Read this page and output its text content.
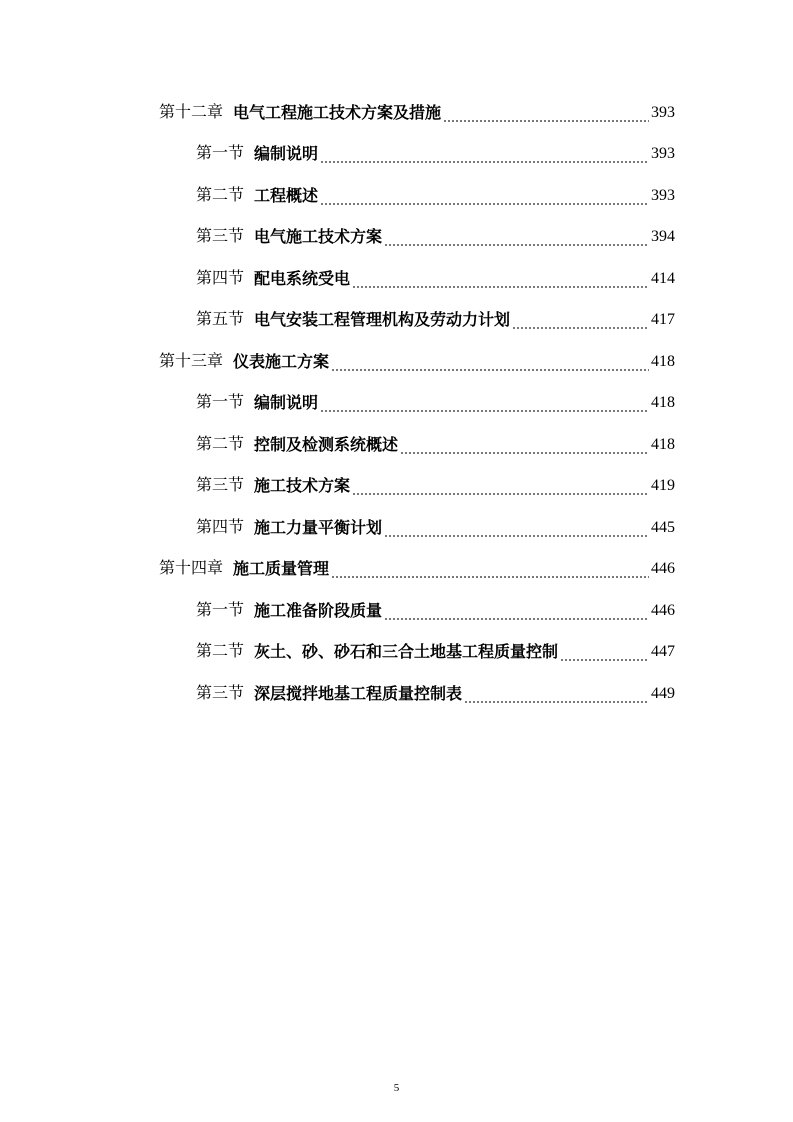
第十二章 电气工程施工技术方案及措施	393
第一节 编制说明	393
第二节 工程概述	393
第三节 电气施工技术方案	394
第四节 配电系统受电	414
第五节 电气安装工程管理机构及劳动力计划	417
第十三章 仪表施工方案	418
第一节 编制说明	418
第二节 控制及检测系统概述	418
第三节 施工技术方案	419
第四节 施工力量平衡计划	445
第十四章 施工质量管理	446
第一节 施工准备阶段质量	446
第二节 灰土、砂、砂石和三合土地基工程质量控制	447
第三节 深层搅拌地基工程质量控制表	449
5
